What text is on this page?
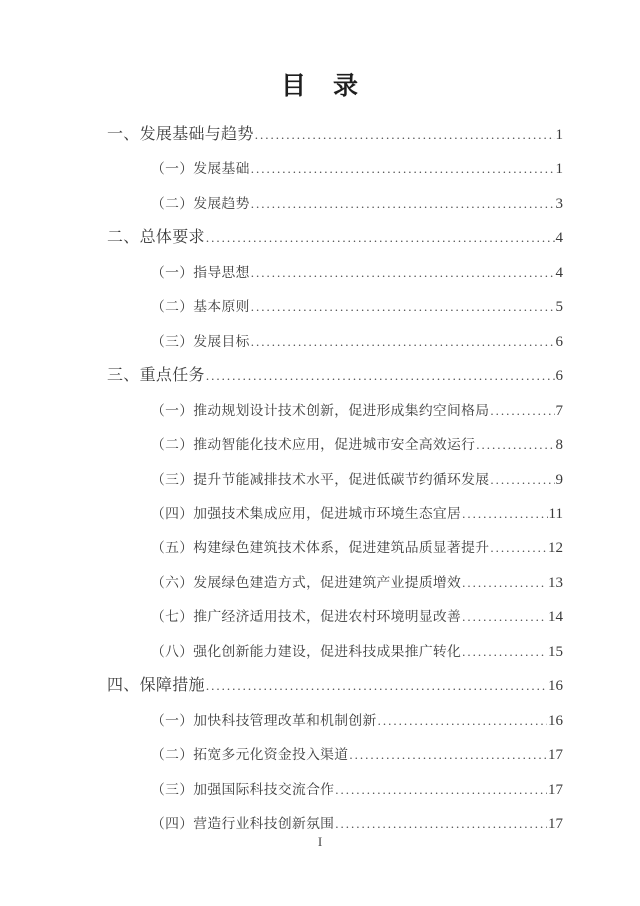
目　录
一、发展基础与趋势 .....	1
（一）发展基础 .....	1
（二）发展趋势 .....	3
二、总体要求 .....	4
（一）指导思想 .....	4
（二）基本原则 .....	5
（三）发展目标 .....	6
三、重点任务 .....	6
（一）推动规划设计技术创新，促进形成集约空间格局 .....	7
（二）推动智能化技术应用，促进城市安全高效运行 .....	8
（三）提升节能减排技术水平，促进低碳节约循环发展 .....	9
（四）加强技术集成应用，促进城市环境生态宜居 .....	11
（五）构建绿色建筑技术体系，促进建筑品质显著提升 .....	12
（六）发展绿色建造方式，促进建筑产业提质增效 .....	13
（七）推广经济适用技术，促进农村环境明显改善 .....	14
（八）强化创新能力建设，促进科技成果推广转化 .....	15
四、保障措施 .....	16
（一）加快科技管理改革和机制创新 .....	16
（二）拓宽多元化资金投入渠道 .....	17
（三）加强国际科技交流合作 .....	17
（四）营造行业科技创新氛围 .....	17
I
